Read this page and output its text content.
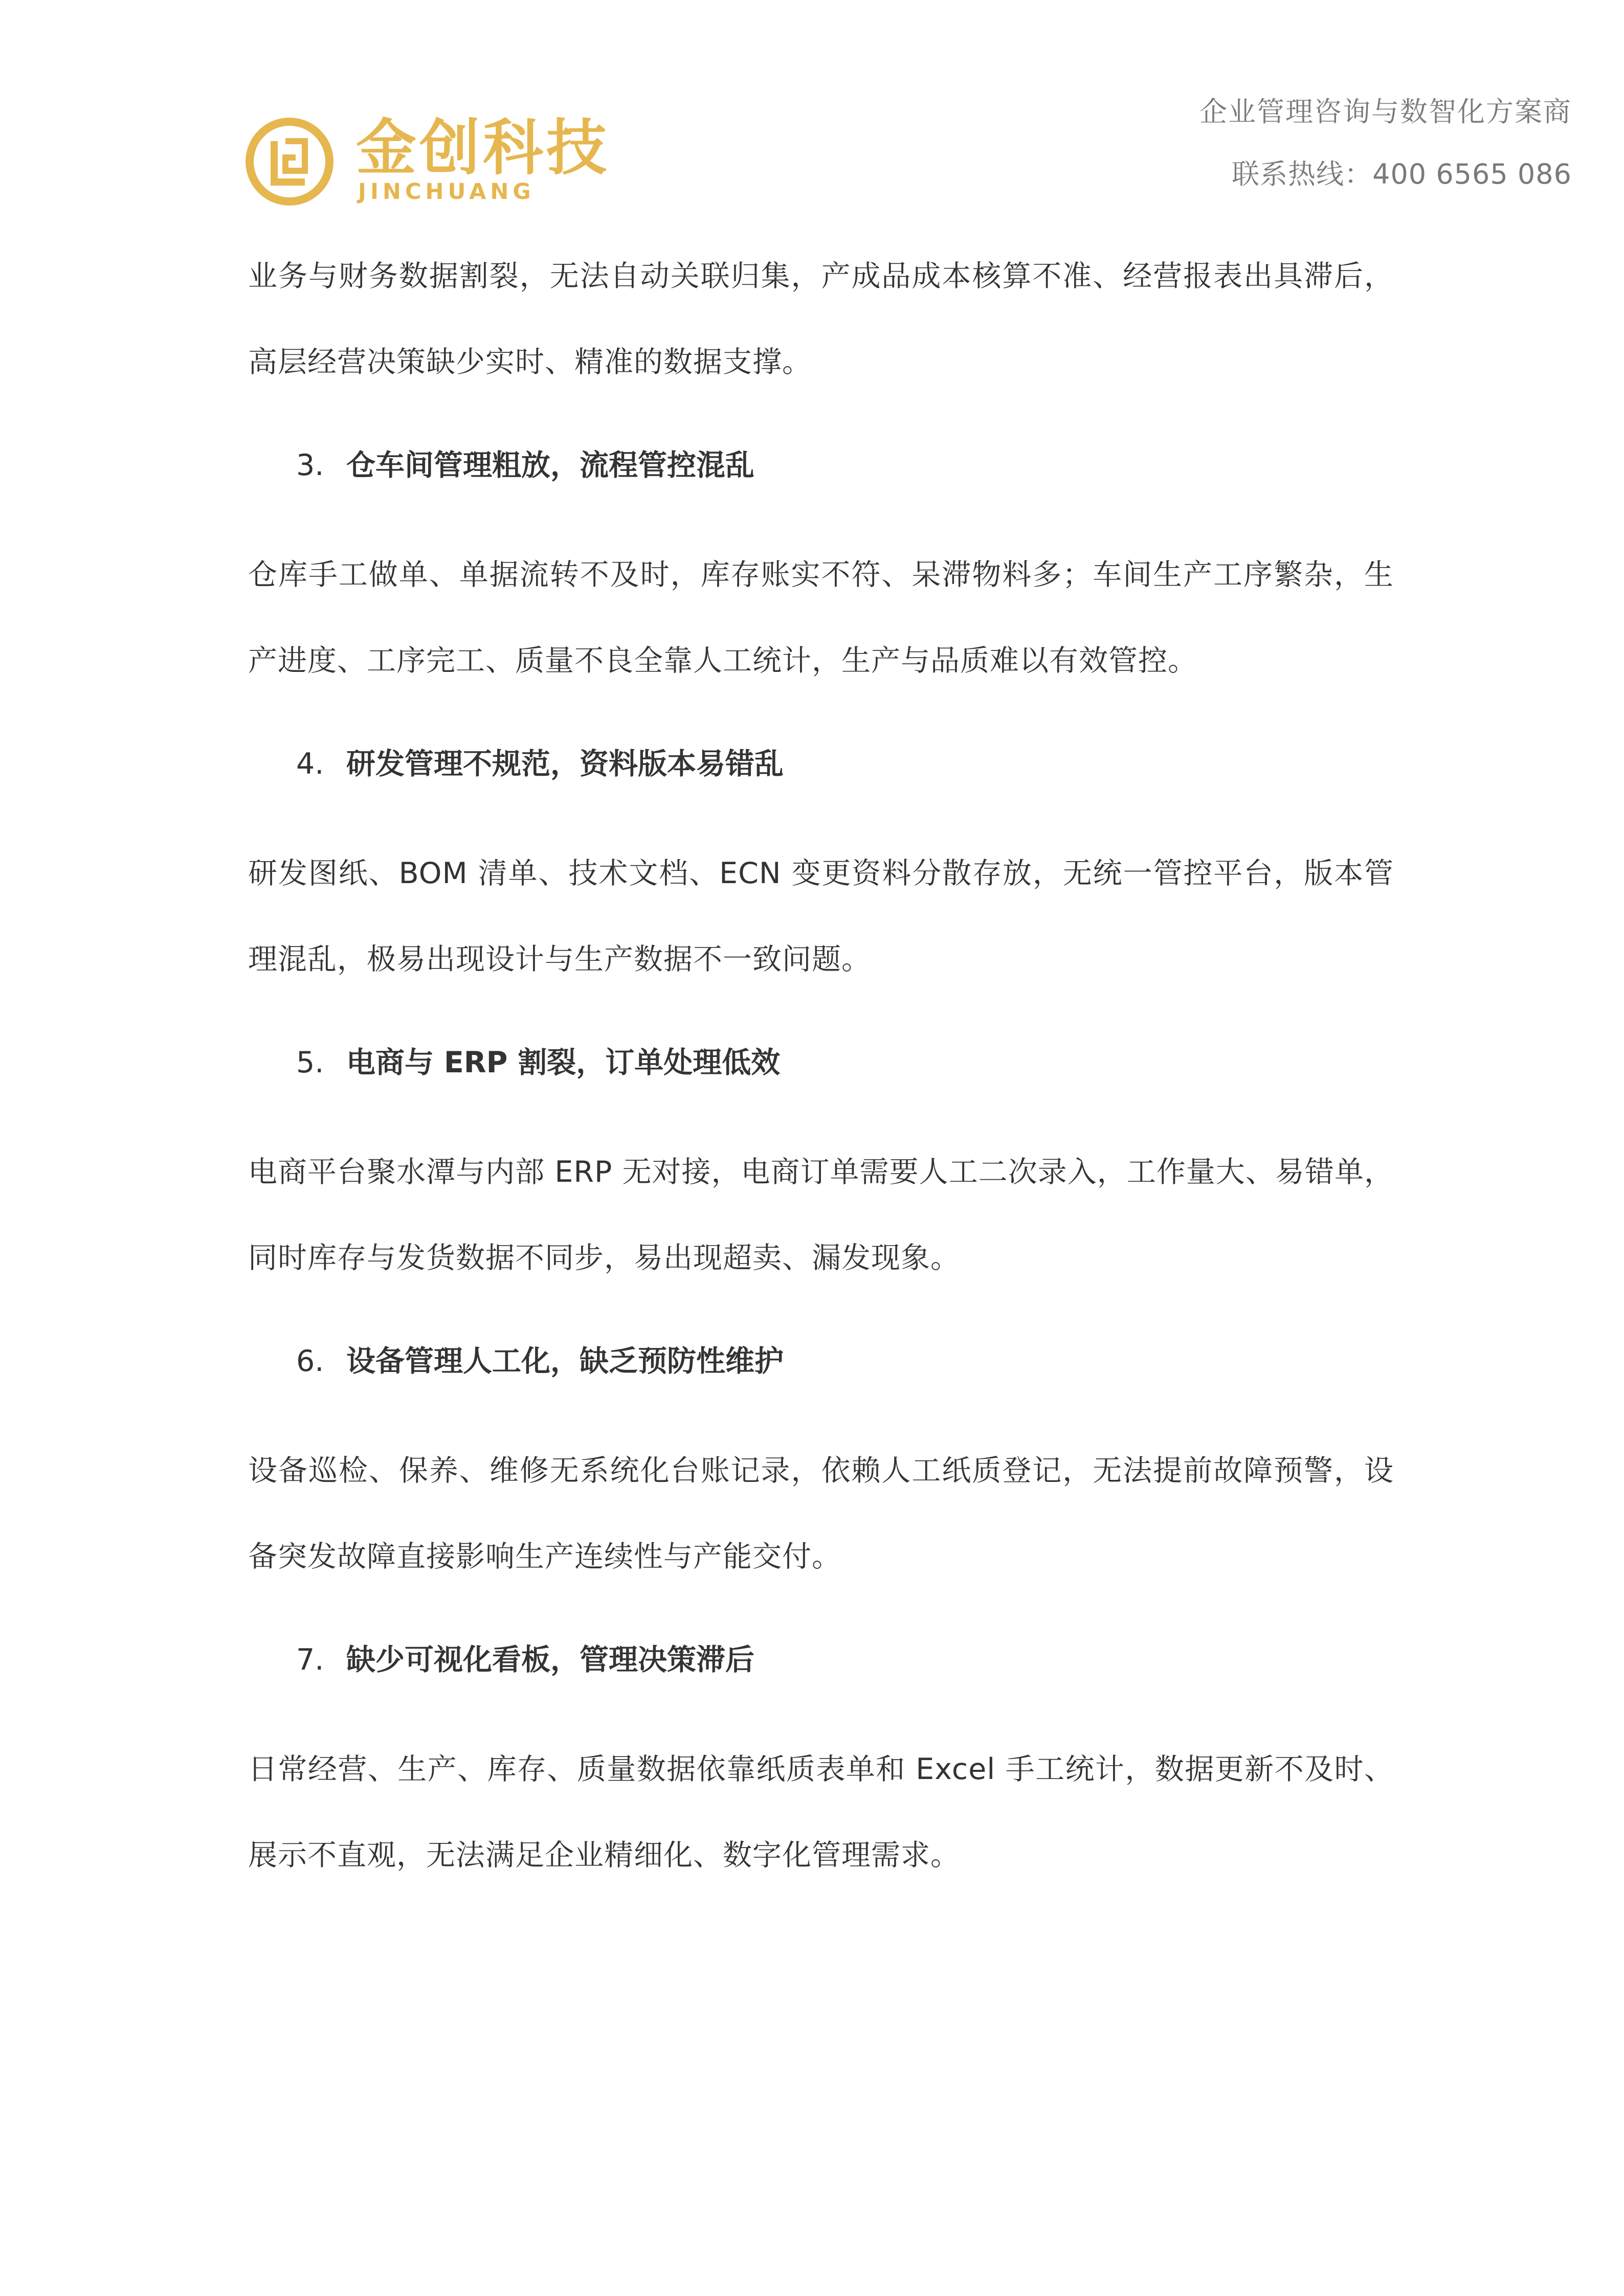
金创科技
JINCHUANG
企业管理咨询与数智化方案商
联系热线：400 6565 086
业务与财务数据割裂，无法自动关联归集，产成品成本核算不准、经营报表出具滞后，高层经营决策缺少实时、精准的数据支撑。
3. 仓车间管理粗放，流程管控混乱
仓库手工做单、单据流转不及时，库存账实不符、呆滞物料多；车间生产工序繁杂，生产进度、工序完工、质量不良全靠人工统计，生产与品质难以有效管控。
4. 研发管理不规范，资料版本易错乱
研发图纸、BOM 清单、技术文档、ECN 变更资料分散存放，无统一管控平台，版本管理混乱，极易出现设计与生产数据不一致问题。
5. 电商与 ERP 割裂，订单处理低效
电商平台聚水潭与内部 ERP 无对接，电商订单需要人工二次录入，工作量大、易错单，同时库存与发货数据不同步，易出现超卖、漏发现象。
6. 设备管理人工化，缺乏预防性维护
设备巡检、保养、维修无系统化台账记录，依赖人工纸质登记，无法提前故障预警，设备突发故障直接影响生产连续性与产能交付。
7. 缺少可视化看板，管理决策滞后
日常经营、生产、库存、质量数据依靠纸质表单和 Excel 手工统计，数据更新不及时、展示不直观，无法满足企业精细化、数字化管理需求。
